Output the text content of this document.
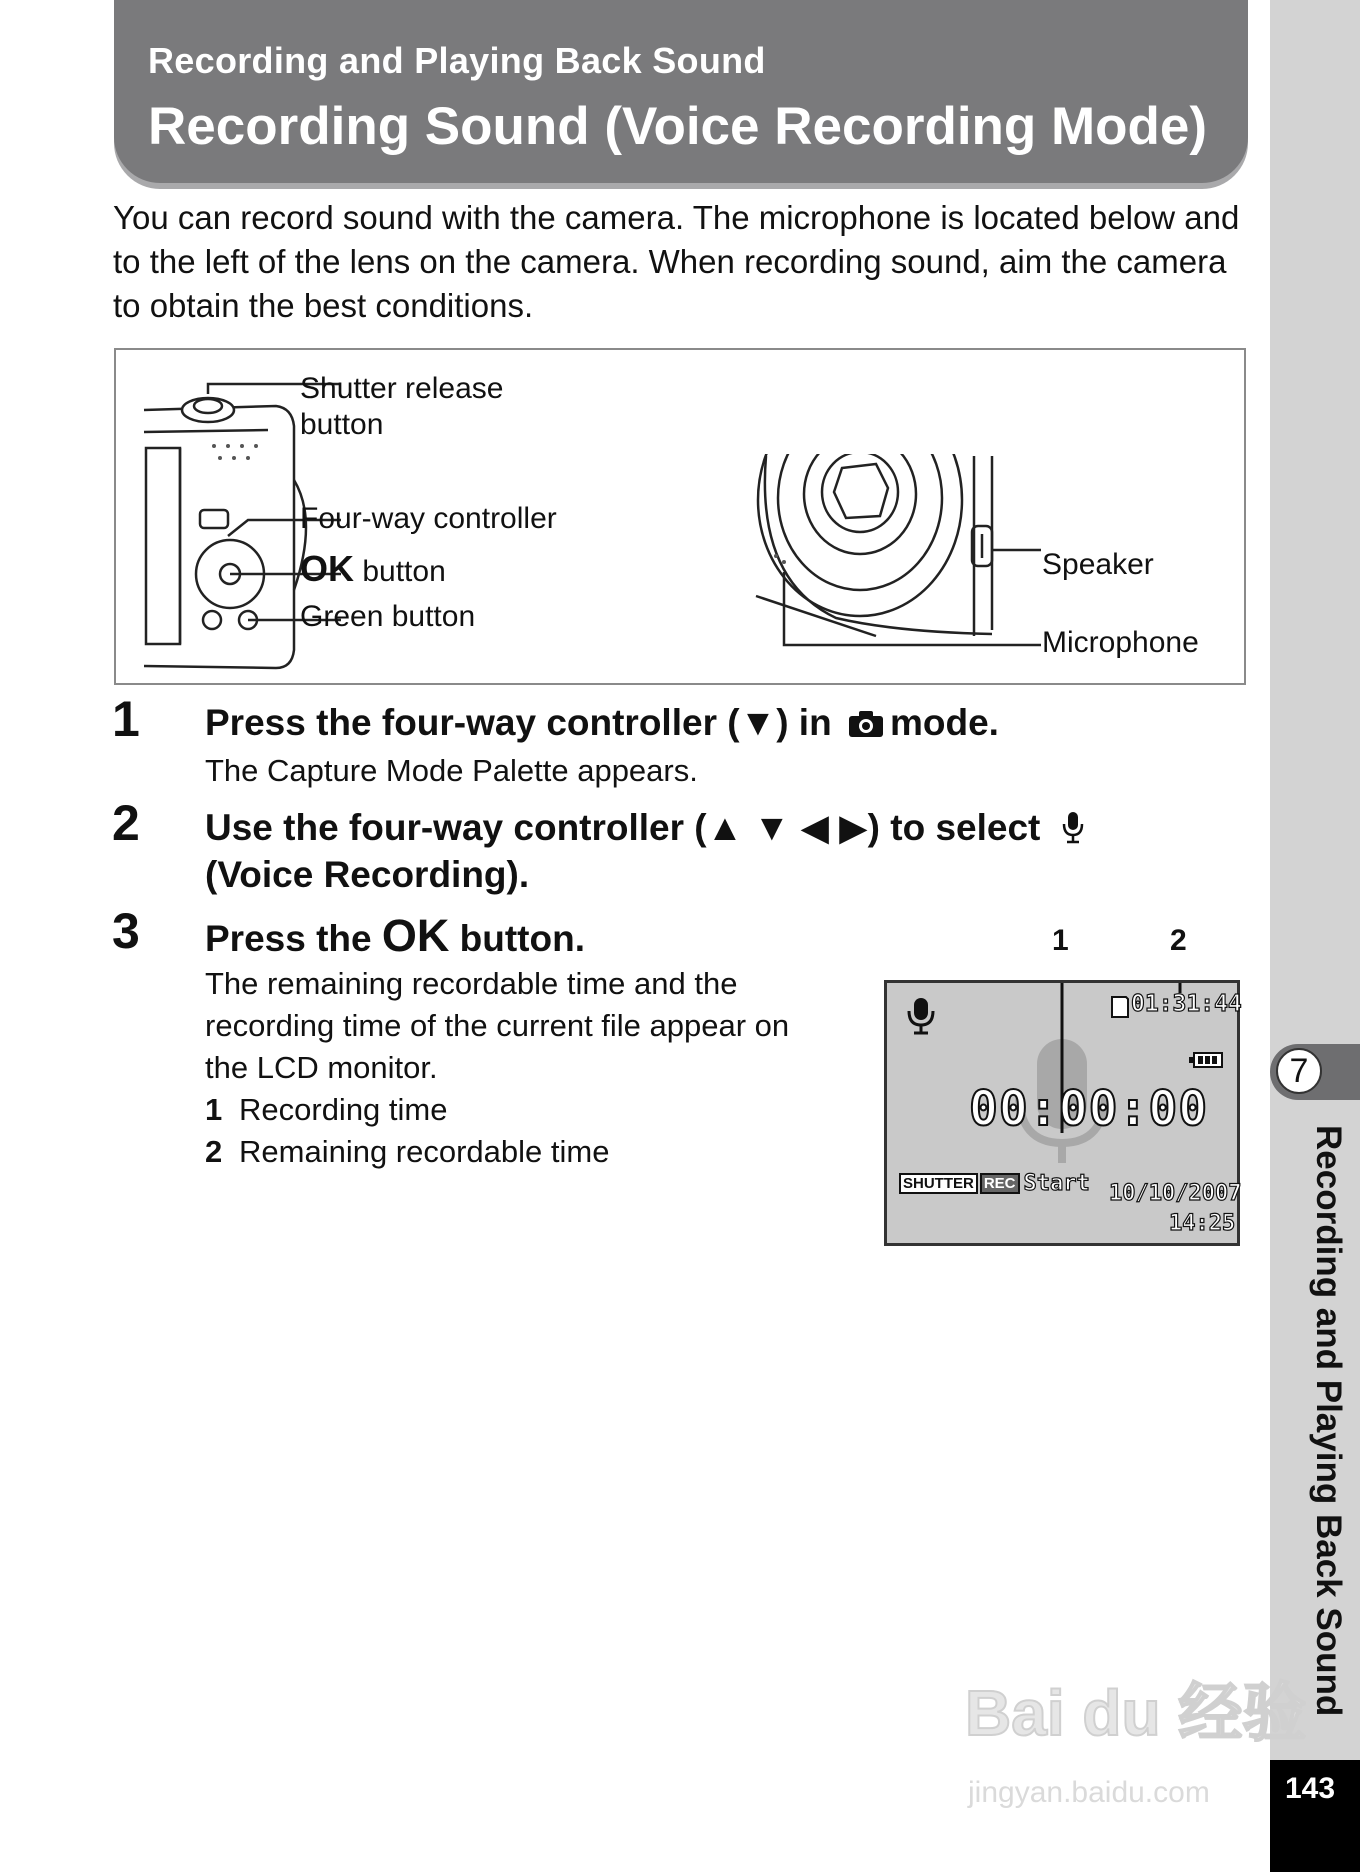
Recording and Playing Back Sound
Recording Sound (Voice Recording Mode)
7
Recording and Playing Back Sound
143
You can record sound with the camera. The microphone is located below and to the left of the lens on the camera. When recording sound, aim the camera to obtain the best conditions.
Shutter release
button
Four-way controller
OK button
Green button
Speaker
Microphone
1 Press the four-way controller (▼) in mode.
The Capture Mode Palette appears.
2 Use the four-way controller (▲ ▼ ◀ ▶) to select
(Voice Recording).
3 Press the OK button.
The remaining recordable time and the
recording time of the current file appear on
the LCD monitor.
1 Recording time
2 Remaining recordable time
1	2
01:31:44
00:00:00
SHUTTER REC Start 10/10/2007
14:25
Bai du 经验
jingyan.baidu.com
